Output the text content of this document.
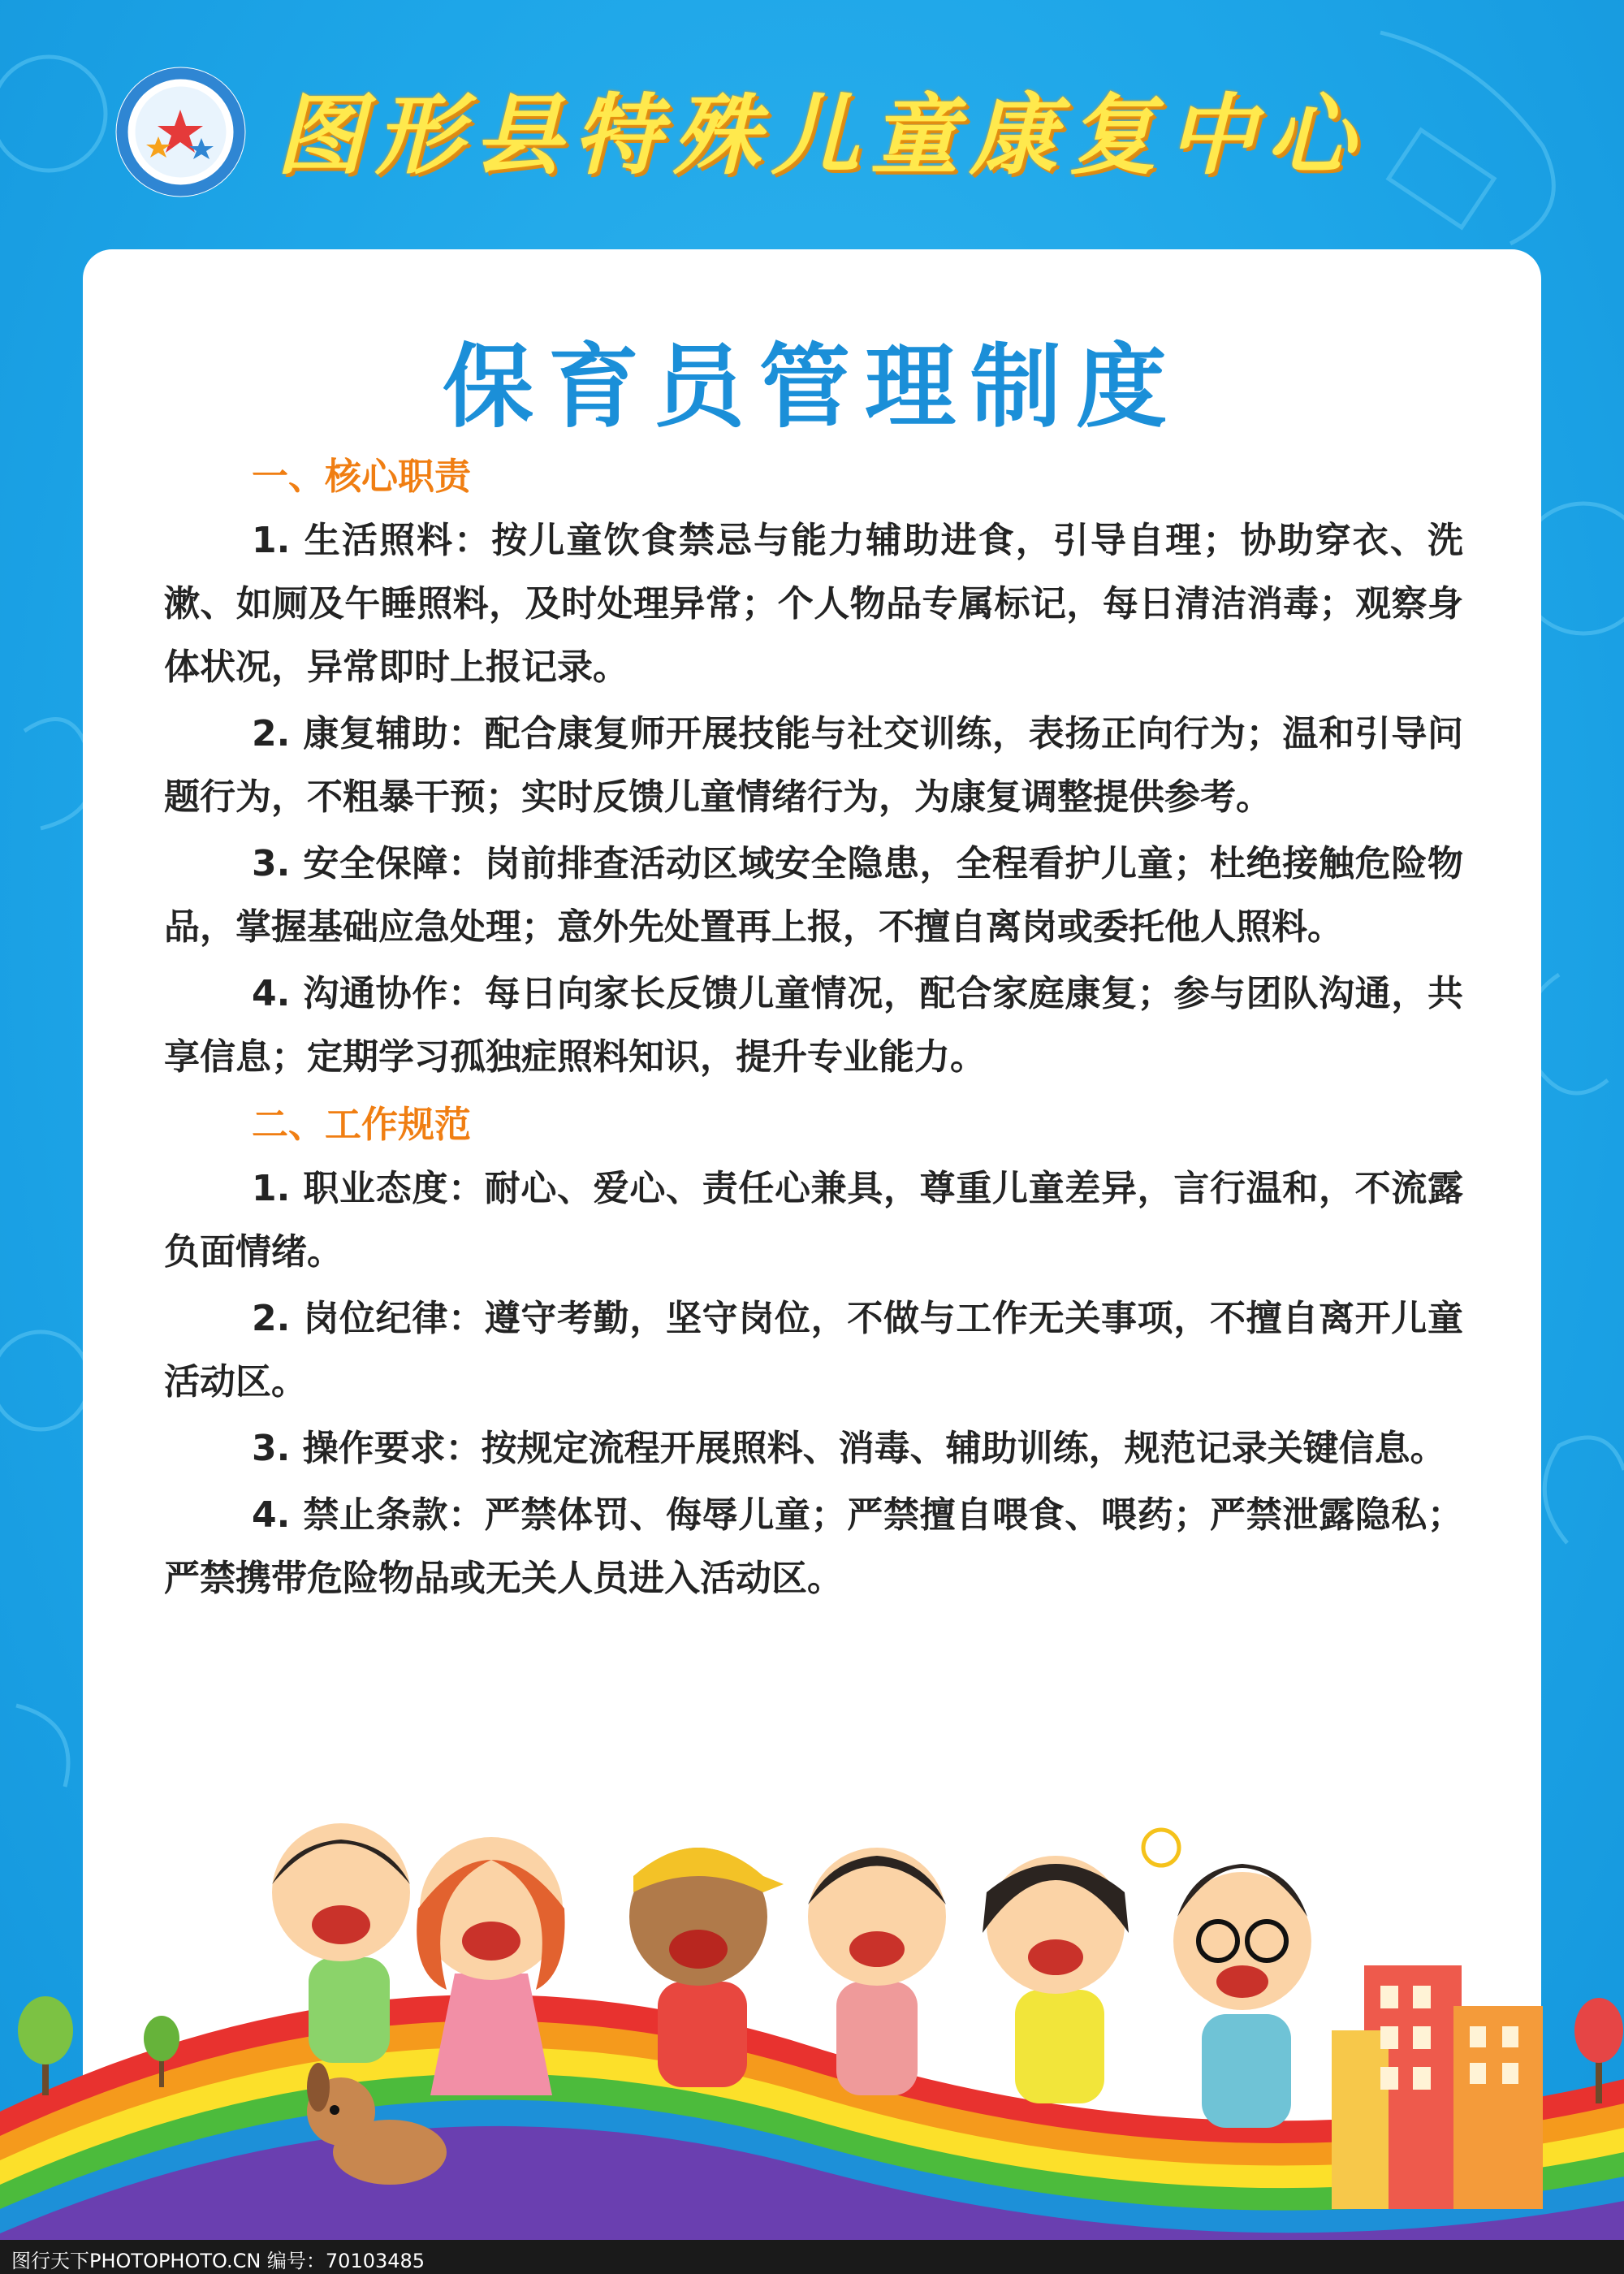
图形县特殊儿童康复中心
保育员管理制度
一、核心职责
1. 生活照料：按儿童饮食禁忌与能力辅助进食，引导自理；协助穿衣、洗漱、如厕及午睡照料，及时处理异常；个人物品专属标记，每日清洁消毒；观察身体状况，异常即时上报记录。
2. 康复辅助：配合康复师开展技能与社交训练，表扬正向行为；温和引导问题行为，不粗暴干预；实时反馈儿童情绪行为，为康复调整提供参考。
3. 安全保障：岗前排查活动区域安全隐患，全程看护儿童；杜绝接触危险物品，掌握基础应急处理；意外先处置再上报，不擅自离岗或委托他人照料。
4. 沟通协作：每日向家长反馈儿童情况，配合家庭康复；参与团队沟通，共享信息；定期学习孤独症照料知识，提升专业能力。
二、工作规范
1. 职业态度：耐心、爱心、责任心兼具，尊重儿童差异，言行温和，不流露负面情绪。
2. 岗位纪律：遵守考勤，坚守岗位，不做与工作无关事项，不擅自离开儿童活动区。
3. 操作要求：按规定流程开展照料、消毒、辅助训练，规范记录关键信息。
4. 禁止条款：严禁体罚、侮辱儿童；严禁擅自喂食、喂药；严禁泄露隐私；严禁携带危险物品或无关人员进入活动区。
图行天下PHOTOPHOTO.CN 编号：70103485
